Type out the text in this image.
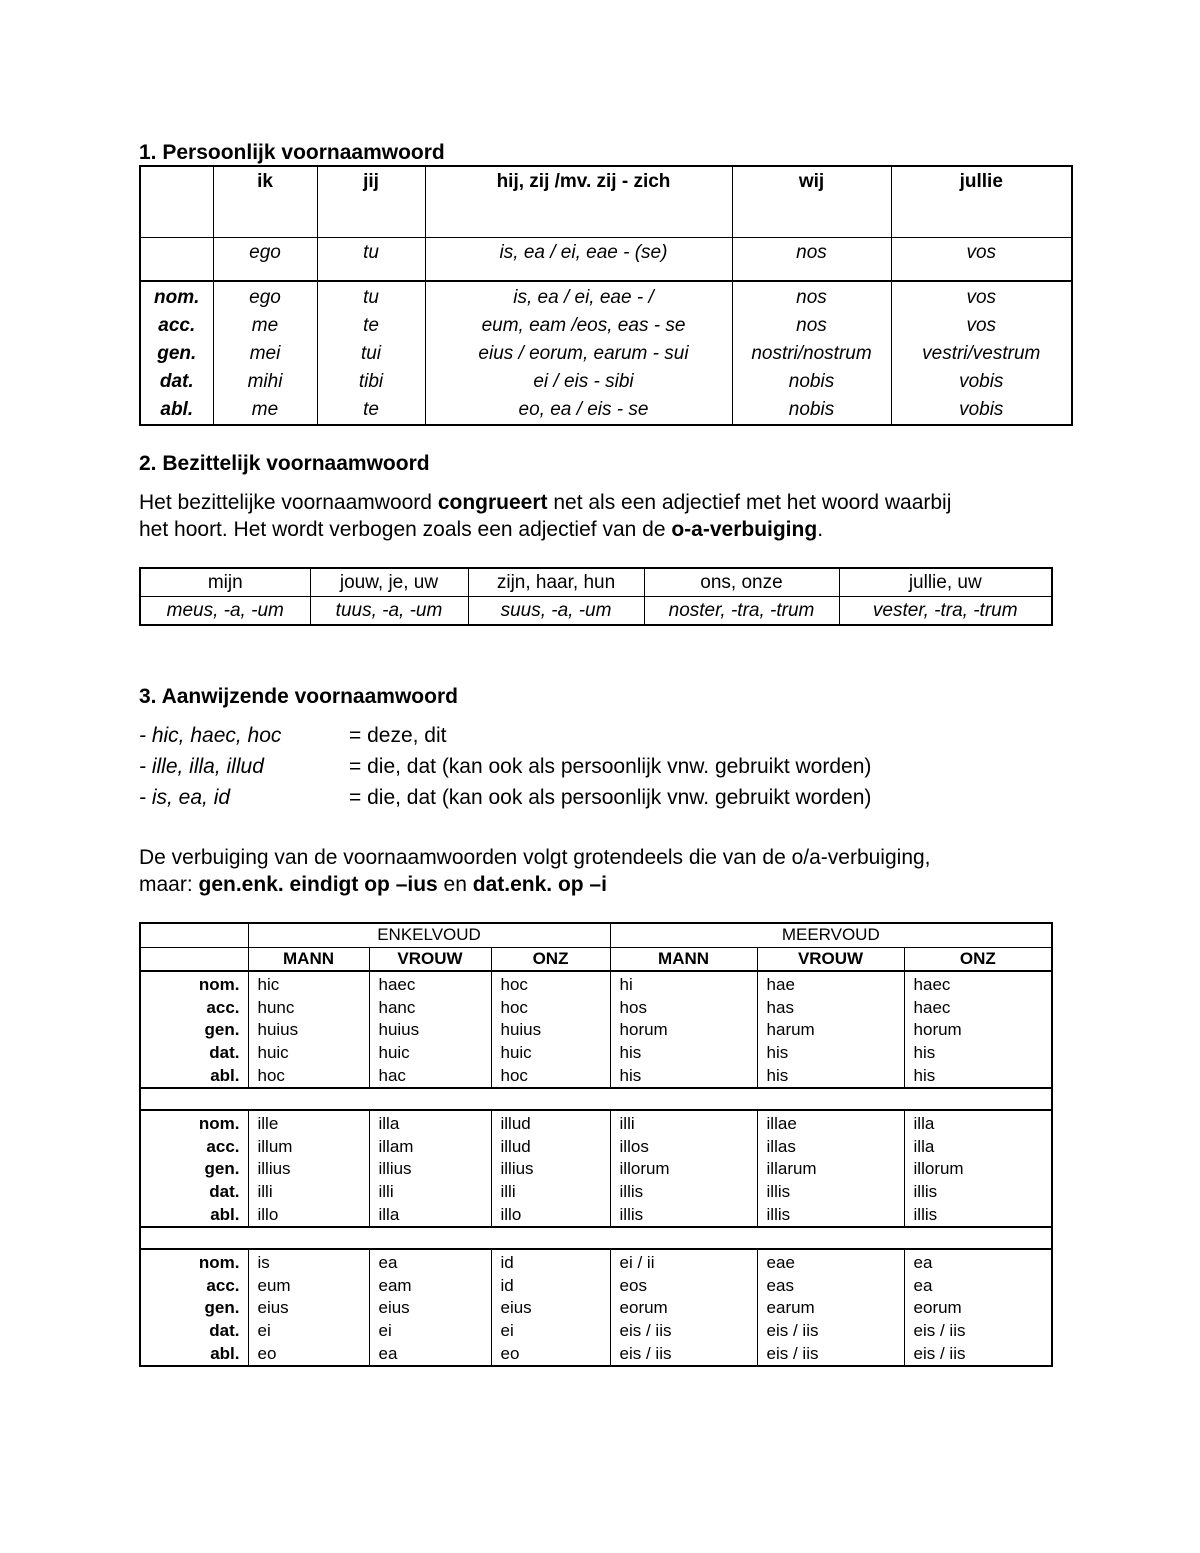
1. Persoonlijk voornaamwoord
	ik	jij	hij, zij /mv. zij - zich	wij	jullie
	ego	tu	is, ea / ei, eae - (se)	nos	vos
nom.	ego	tu	is, ea / ei, eae - /	nos	vos
acc.	me	te	eum, eam /eos, eas - se	nos	vos
gen.	mei	tui	eius / eorum, earum - sui	nostri/nostrum	vestri/vestrum
dat.	mihi	tibi	ei / eis - sibi	nobis	vobis
abl.	me	te	eo, ea / eis - se	nobis	vobis
2. Bezittelijk voornaamwoord
Het bezittelijke voornaamwoord congrueert net als een adjectief met het woord waarbij
het hoort. Het wordt verbogen zoals een adjectief van de o-a-verbuiging.
mijn	jouw, je, uw	zijn, haar, hun	ons, onze	jullie, uw
meus, -a, -um	tuus, -a, -um	suus, -a, -um	noster, -tra, -trum	vester, -tra, -trum
3. Aanwijzende voornaamwoord
- hic, haec, hoc	= deze, dit
- ille, illa, illud	= die, dat (kan ook als persoonlijk vnw. gebruikt worden)
- is, ea, id	= die, dat (kan ook als persoonlijk vnw. gebruikt worden)
De verbuiging van de voornaamwoorden volgt grotendeels die van de o/a-verbuiging,
maar: gen.enk. eindigt op –ius en dat.enk. op –i
	ENKELVOUD			MEERVOUD		
	MANN	VROUW	ONZ	MANN	VROUW	ONZ
nom.	hic	haec	hoc	hi	hae	haec
acc.	hunc	hanc	hoc	hos	has	haec
gen.	huius	huius	huius	horum	harum	horum
dat.	huic	huic	huic	his	his	his
abl.	hoc	hac	hoc	his	his	his

nom.	ille	illa	illud	illi	illae	illa
acc.	illum	illam	illud	illos	illas	illa
gen.	illius	illius	illius	illorum	illarum	illorum
dat.	illi	illi	illi	illis	illis	illis
abl.	illo	illa	illo	illis	illis	illis

nom.	is	ea	id	ei / ii	eae	ea
acc.	eum	eam	id	eos	eas	ea
gen.	eius	eius	eius	eorum	earum	eorum
dat.	ei	ei	ei	eis / iis	eis / iis	eis / iis
abl.	eo	ea	eo	eis / iis	eis / iis	eis / iis
